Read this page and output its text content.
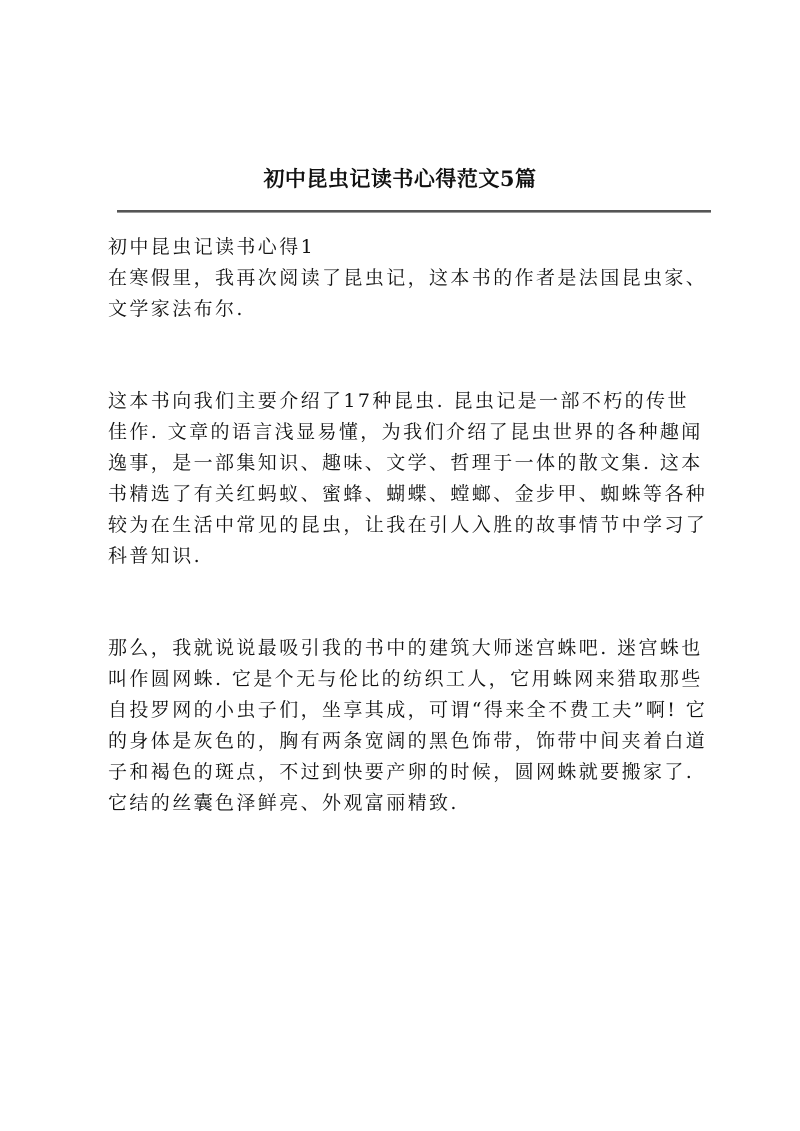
初中昆虫记读书心得范文5篇

初中昆虫记读书心得1

在寒假里，我再次阅读了昆虫记，这本书的作者是法国昆虫家、文学家法布尔.

这本书向我们主要介绍了17种昆虫. 昆虫记是一部不朽的传世佳作. 文章的语言浅显易懂，为我们介绍了昆虫世界的各种趣闻逸事，是一部集知识、趣味、文学、哲理于一体的散文集. 这本书精选了有关红蚂蚁、蜜蜂、蝴蝶、螳螂、金步甲、蜘蛛等各种较为在生活中常见的昆虫，让我在引人入胜的故事情节中学习了科普知识.

那么，我就说说最吸引我的书中的建筑大师迷宫蛛吧. 迷宫蛛也叫作圆网蛛. 它是个无与伦比的纺织工人，它用蛛网来猎取那些自投罗网的小虫子们，坐享其成，可谓“得来全不费工夫”啊! 它的身体是灰色的，胸有两条宽阔的黑色饰带，饰带中间夹着白道子和褐色的斑点，不过到快要产卵的时候，圆网蛛就要搬家了. 它结的丝囊色泽鲜亮、外观富丽精致.
